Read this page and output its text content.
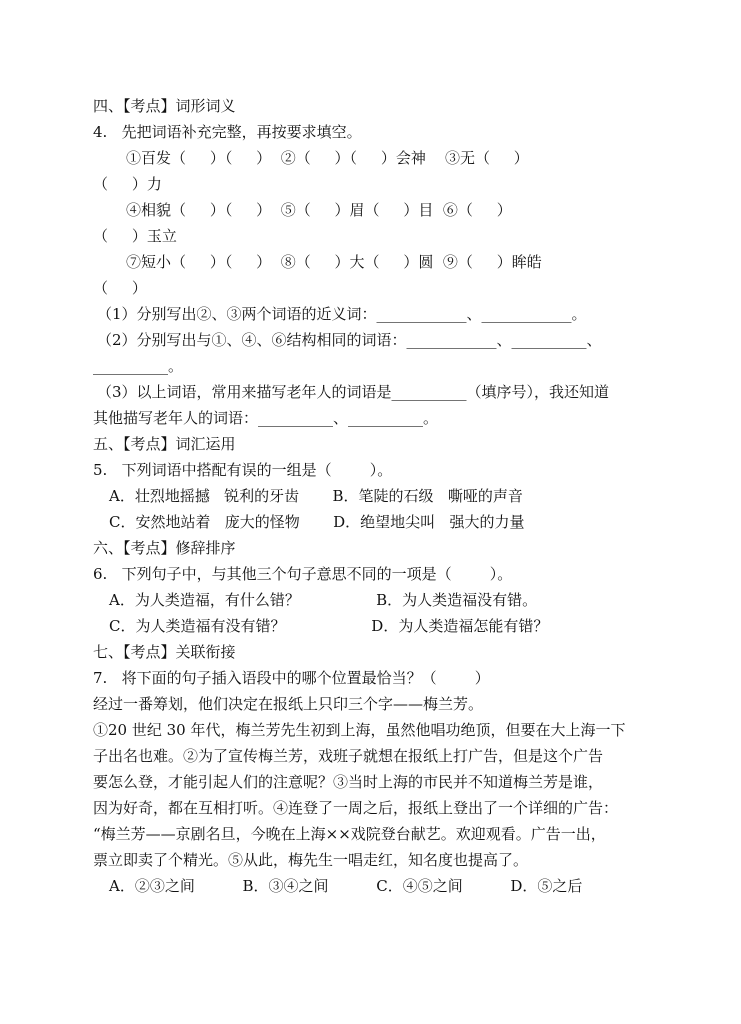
四、【考点】词形词义
4.   先把词语补充完整，再按要求填空。
①百发（     ）（     ）  ②（     ）（     ）会神    ③无（     ）
（     ）力
④相貌（     ）（     ）  ⑤（     ）眉（     ）目  ⑥（     ）
（     ）玉立
⑦短小（     ）（     ）  ⑧（     ）大（     ）圆  ⑨（     ）眸皓
（     ）
（1）分别写出②、③两个词语的近义词：____________、____________。
（2）分别写出与①、④、⑥结构相同的词语：____________、__________、
__________。
（3）以上词语，常用来描写老年人的词语是__________（填序号），我还知道
其他描写老年人的词语：__________、__________。
五、【考点】词汇运用
5.   下列词语中搭配有误的一组是（        ）。
A．壮烈地摇撼   锐利的牙齿       B．笔陡的石级   嘶哑的声音
C．安然地站着   庞大的怪物       D．绝望地尖叫   强大的力量
六、【考点】修辞排序
6.   下列句子中，与其他三个句子意思不同的一项是（        ）。
A．为人类造福，有什么错？                B．为人类造福没有错。
C．为人类造福有没有错？                  D．为人类造福怎能有错？
七、【考点】关联衔接
7.   将下面的句子插入语段中的哪个位置最恰当？（        ）
经过一番筹划，他们决定在报纸上只印三个字——梅兰芳。
①20 世纪 30 年代，梅兰芳先生初到上海，虽然他唱功绝顶，但要在大上海一下
子出名也难。②为了宣传梅兰芳，戏班子就想在报纸上打广告，但是这个广告
要怎么登，才能引起人们的注意呢？③当时上海的市民并不知道梅兰芳是谁，
因为好奇，都在互相打听。④连登了一周之后，报纸上登出了一个详细的广告：
“梅兰芳——京剧名旦，今晚在上海××戏院登台献艺。欢迎观看。广告一出，
票立即卖了个精光。⑤从此，梅先生一唱走红，知名度也提高了。
A．②③之间          B．③④之间          C．④⑤之间          D．⑤之后
